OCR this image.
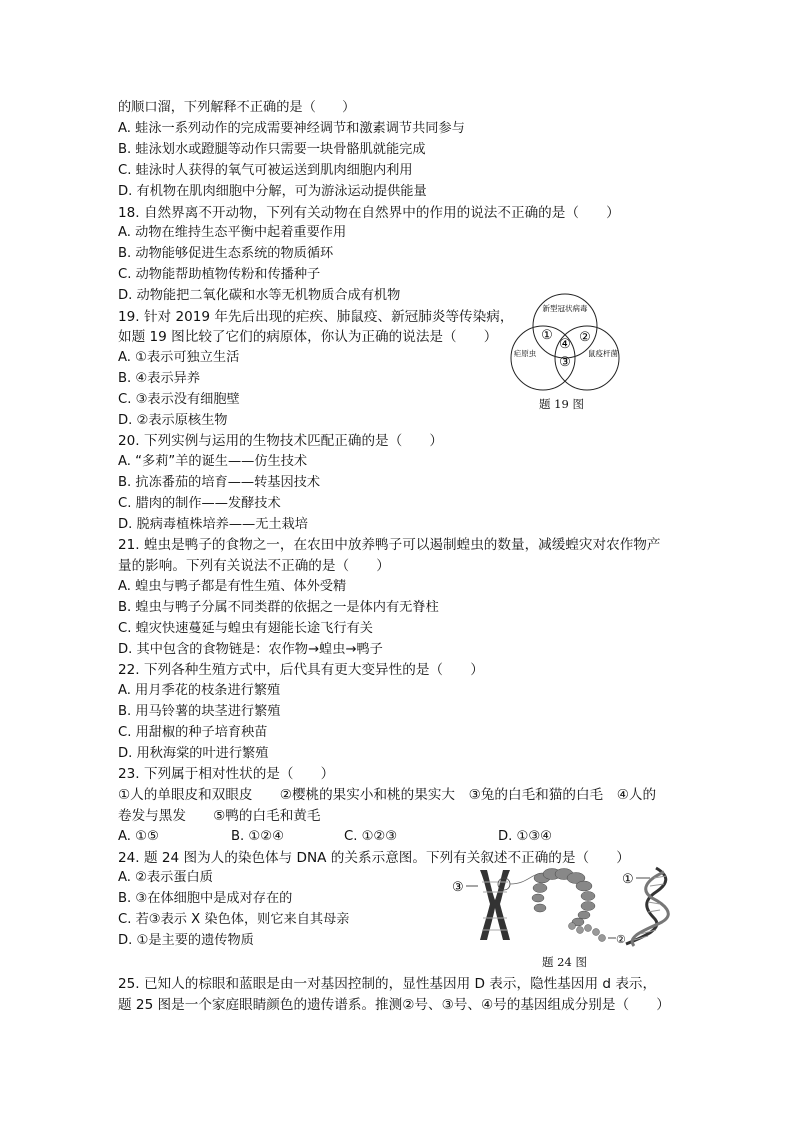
的顺口溜，下列解释不正确的是（　　）
A. 蛙泳一系列动作的完成需要神经调节和激素调节共同参与
B. 蛙泳划水或蹬腿等动作只需要一块骨骼肌就能完成
C. 蛙泳时人获得的氧气可被运送到肌肉细胞内利用
D. 有机物在肌肉细胞中分解，可为游泳运动提供能量
18. 自然界离不开动物，下列有关动物在自然界中的作用的说法不正确的是（　　）
A. 动物在维持生态平衡中起着重要作用
B. 动物能够促进生态系统的物质循环
C. 动物能帮助植物传粉和传播种子
D. 动物能把二氧化碳和水等无机物质合成有机物
19. 针对 2019 年先后出现的疟疾、肺鼠疫、新冠肺炎等传染病，
如题 19 图比较了它们的病原体，你认为正确的说法是（　　）
A. ①表示可独立生活
B. ④表示异养
C. ③表示没有细胞壁
D. ②表示原核生物
新型冠状病毒
疟原虫	鼠疫杆菌
① ②
④
③
题 19 图
20. 下列实例与运用的生物技术匹配正确的是（　　）
A. “多莉”羊的诞生——仿生技术
B. 抗冻番茄的培育——转基因技术
C. 腊肉的制作——发酵技术
D. 脱病毒植株培养——无土栽培
21. 蝗虫是鸭子的食物之一，在农田中放养鸭子可以遏制蝗虫的数量，减缓蝗灾对农作物产
量的影响。下列有关说法不正确的是（　　）
A. 蝗虫与鸭子都是有性生殖、体外受精
B. 蝗虫与鸭子分属不同类群的依据之一是体内有无脊柱
C. 蝗灾快速蔓延与蝗虫有翅能长途飞行有关
D. 其中包含的食物链是：农作物→蝗虫→鸭子
22. 下列各种生殖方式中，后代具有更大变异性的是（　　）
A. 用月季花的枝条进行繁殖
B. 用马铃薯的块茎进行繁殖
C. 用甜椒的种子培育秧苗
D. 用秋海棠的叶进行繁殖
23. 下列属于相对性状的是（　　）
①人的单眼皮和双眼皮　　②樱桃的果实小和桃的果实大　③兔的白毛和猫的白毛　④人的
卷发与黑发　　⑤鸭的白毛和黄毛
A. ①⑤	B. ①②④	C. ①②③	D. ①③④
24. 题 24 图为人的染色体与 DNA 的关系示意图。下列有关叙述不正确的是（　　）
A. ②表示蛋白质
B. ③在体细胞中是成对存在的
C. 若③表示 X 染色体，则它来自其母亲
D. ①是主要的遗传物质
③
②
①
题 24 图
25. 已知人的棕眼和蓝眼是由一对基因控制的，显性基因用 D 表示，隐性基因用 d 表示，
题 25 图是一个家庭眼睛颜色的遗传谱系。推测②号、③号、④号的基因组成分别是（　　）
